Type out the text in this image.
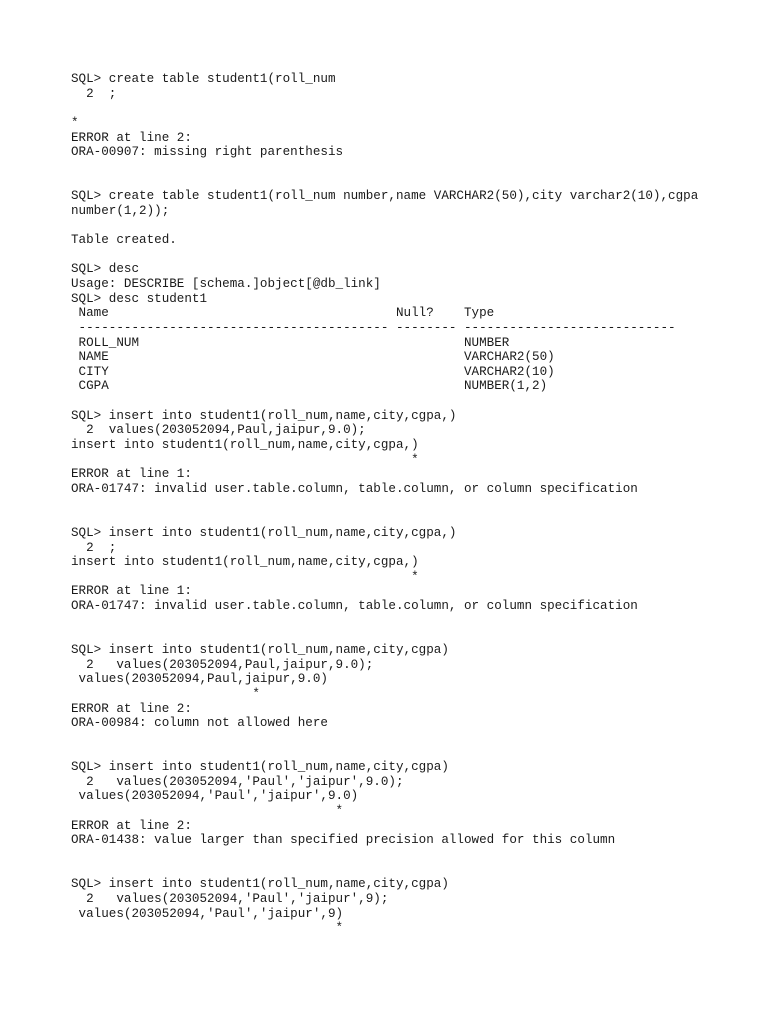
SQL> create table student1(roll_num
2  ;
*
ERROR at line 2:
ORA-00907: missing right parenthesis
SQL> create table student1(roll_num number,name VARCHAR2(50),city varchar2(10),cgpa
number(1,2));
Table created.
SQL> desc
Usage: DESCRIBE [schema.]object[@db_link]
SQL> desc student1
Name                                      Null?    Type
----------------------------------------- -------- ----------------------------
ROLL_NUM                                           NUMBER
NAME                                               VARCHAR2(50)
CITY                                               VARCHAR2(10)
CGPA                                               NUMBER(1,2)
SQL> insert into student1(roll_num,name,city,cgpa,)
2  values(203052094,Paul,jaipur,9.0);
insert into student1(roll_num,name,city,cgpa,)
*
ERROR at line 1:
ORA-01747: invalid user.table.column, table.column, or column specification
SQL> insert into student1(roll_num,name,city,cgpa,)
2  ;
insert into student1(roll_num,name,city,cgpa,)
*
ERROR at line 1:
ORA-01747: invalid user.table.column, table.column, or column specification
SQL> insert into student1(roll_num,name,city,cgpa)
2   values(203052094,Paul,jaipur,9.0);
values(203052094,Paul,jaipur,9.0)
*
ERROR at line 2:
ORA-00984: column not allowed here
SQL> insert into student1(roll_num,name,city,cgpa)
2   values(203052094,'Paul','jaipur',9.0);
values(203052094,'Paul','jaipur',9.0)
*
ERROR at line 2:
ORA-01438: value larger than specified precision allowed for this column
SQL> insert into student1(roll_num,name,city,cgpa)
2   values(203052094,'Paul','jaipur',9);
values(203052094,'Paul','jaipur',9)
*
